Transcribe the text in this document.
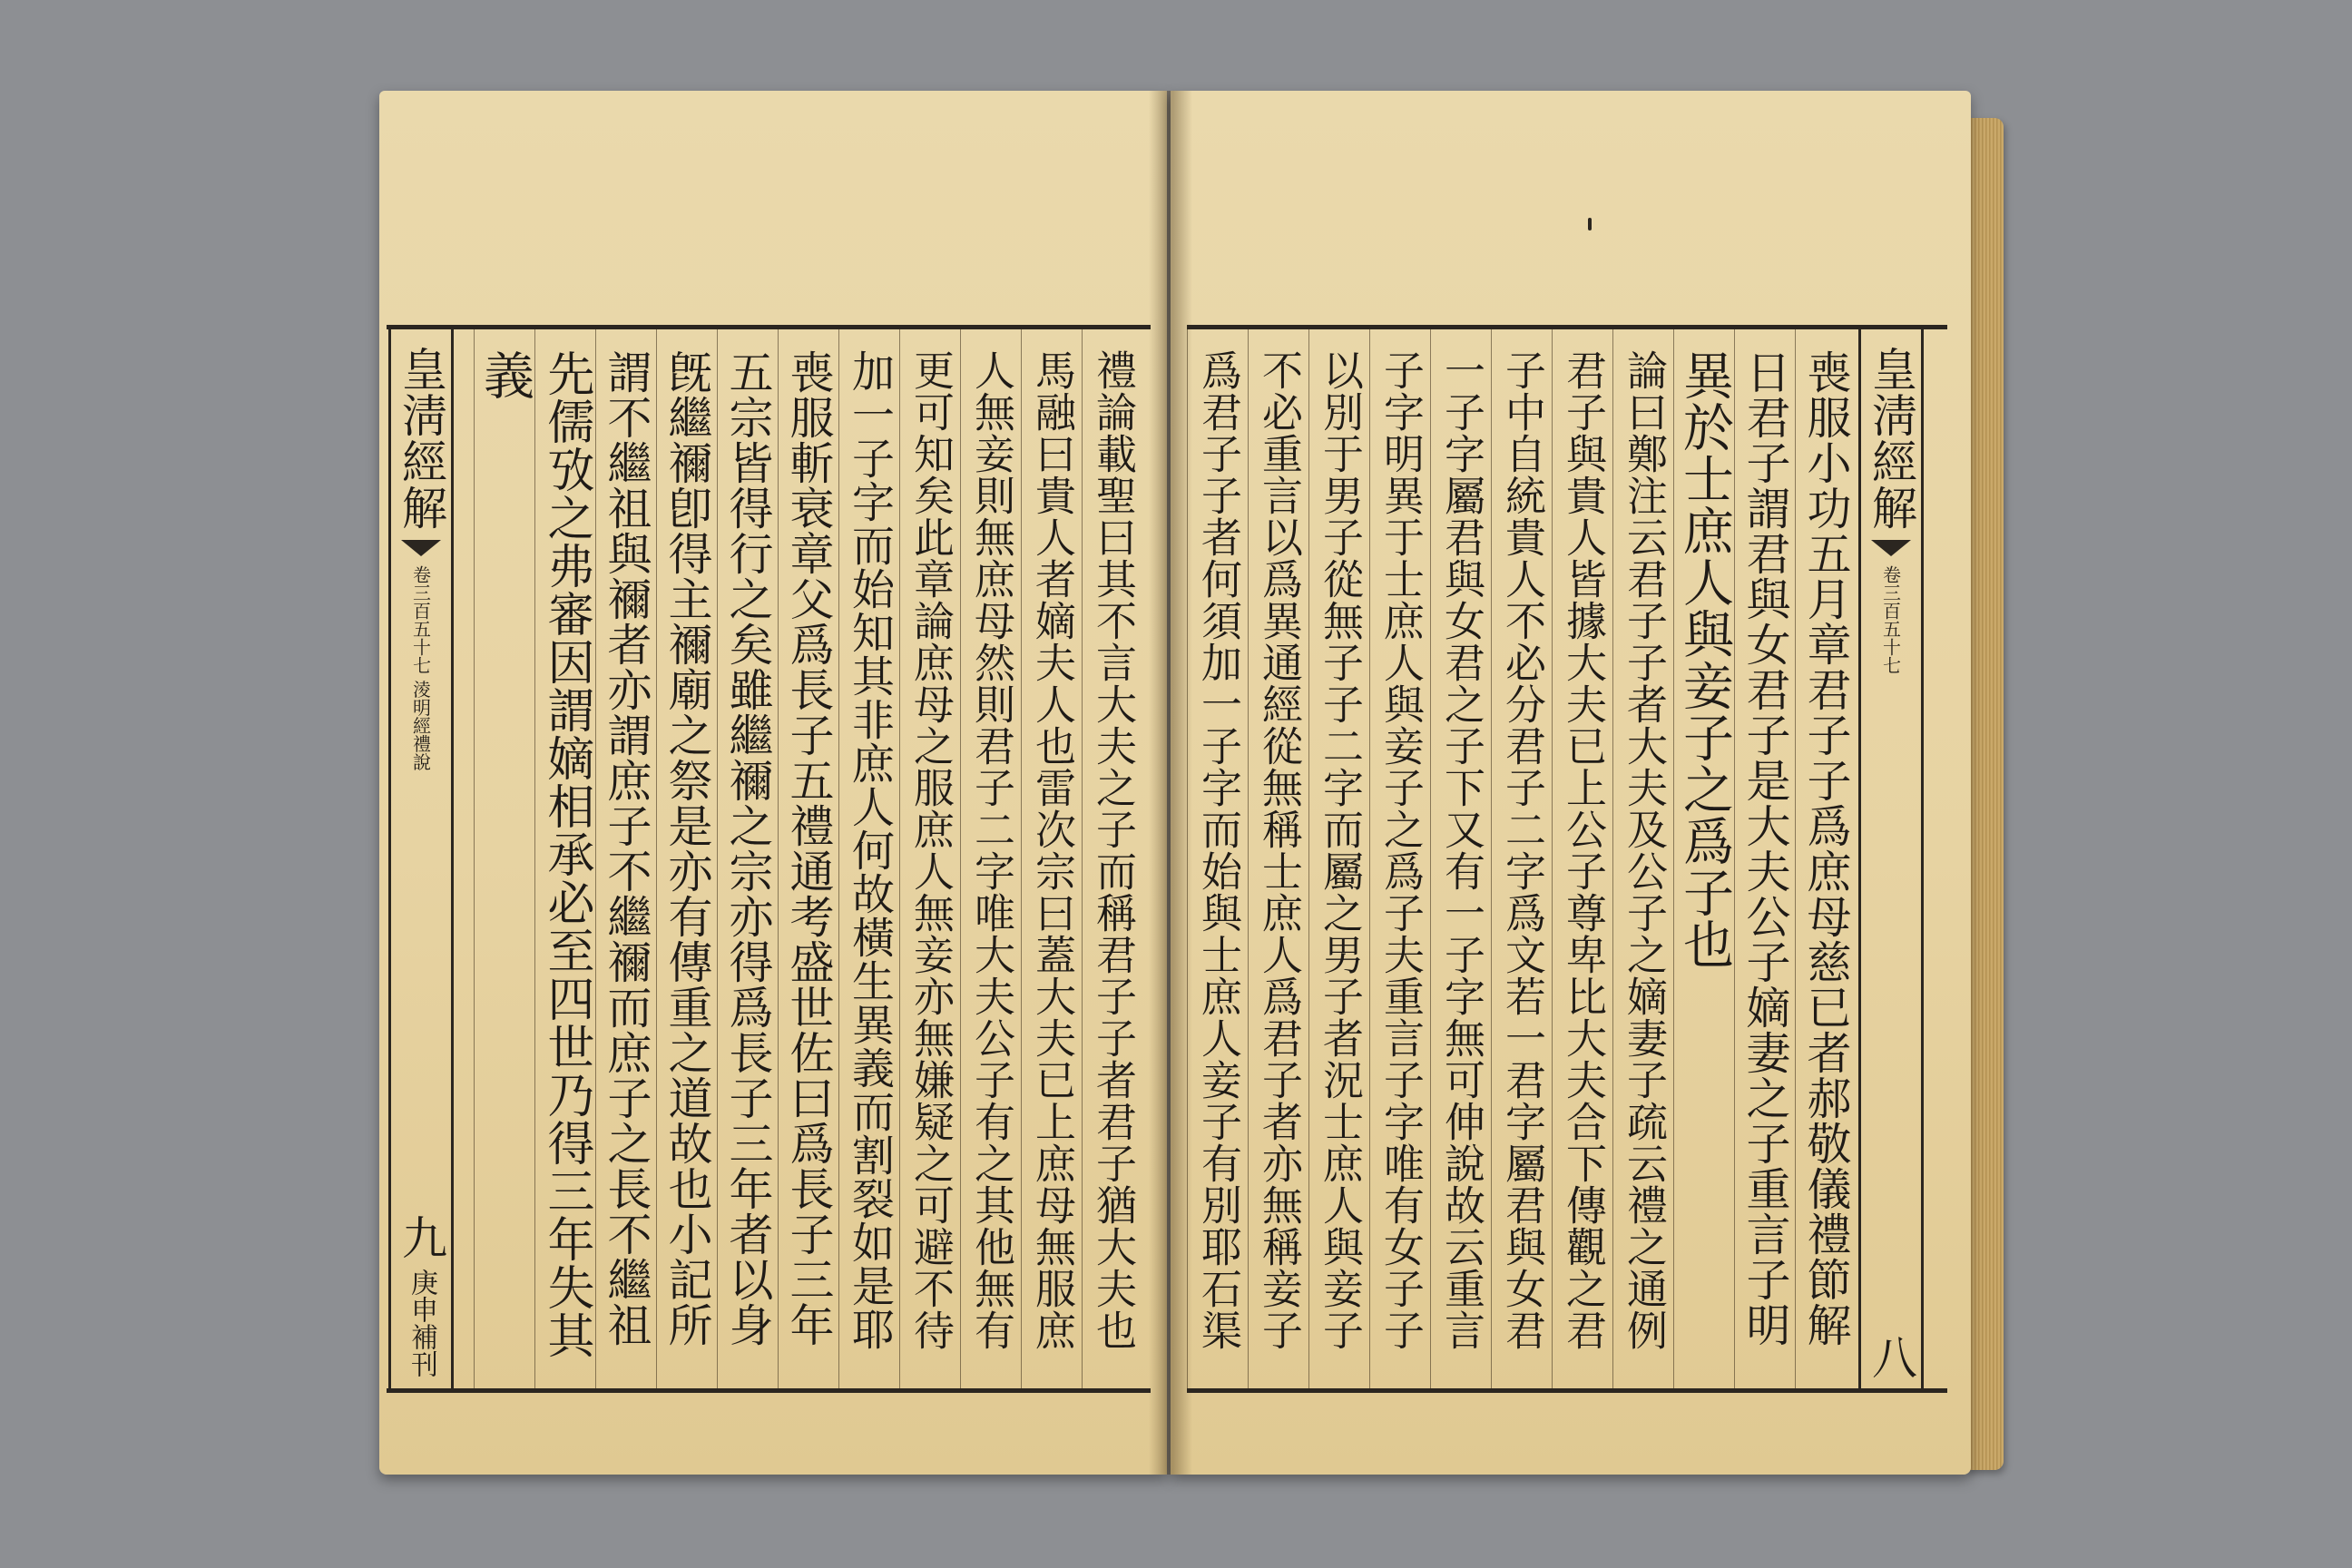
皇淸經解
卷三百五十七 淩明經禮說
九
庚申補刊
義 先儒攷之弗審因謂嫡相承必至四世乃得三年失其 謂不繼祖與禰者亦謂庶子不繼禰而庶子之長不繼祖 旣繼禰卽得主禰廟之祭是亦有傳重之道故也小記所 五宗皆得行之矣雖繼禰之宗亦得爲長子三年者以身 喪服斬衰章父爲長子五禮通考盛世佐曰爲長子三年 加一子字而始知其非庶人何故橫生異義而割裂如是耶 更可知矣此章論庶母之服庶人無妾亦無嫌疑之可避不待 人無妾則無庶母然則君子二字唯大夫公子有之其他無有 馬融曰貴人者嫡夫人也雷次宗曰蓋大夫已上庶母無服庶 禮論載聖曰其不言大夫之子而稱君子子者君子猶大夫也 爲君子子者何須加一子字而始與士庶人妾子有別耶石渠 不必重言以爲異通經從無稱士庶人爲君子者亦無稱妾子 以別于男子從無子子二字而屬之男子者況士庶人與妾子 子字明異于士庶人與妾子之爲子夫重言子字唯有女子子 一子字屬君與女君之子下又有一子字無可伸說故云重言 子中自統貴人不必分君子二字爲文若一君字屬君與女君 君子與貴人皆據大夫已上公子尊卑比大夫合下傳觀之君 論曰鄭注云君子子者大夫及公子之嫡妻子疏云禮之通例 異於士庶人與妾子之爲子也 日君子謂君與女君子是大夫公子嫡妻之子重言子明 喪服小功五月章君子子爲庶母慈已者郝敬儀禮節解 皇淸經解
卷三百五十七
八
